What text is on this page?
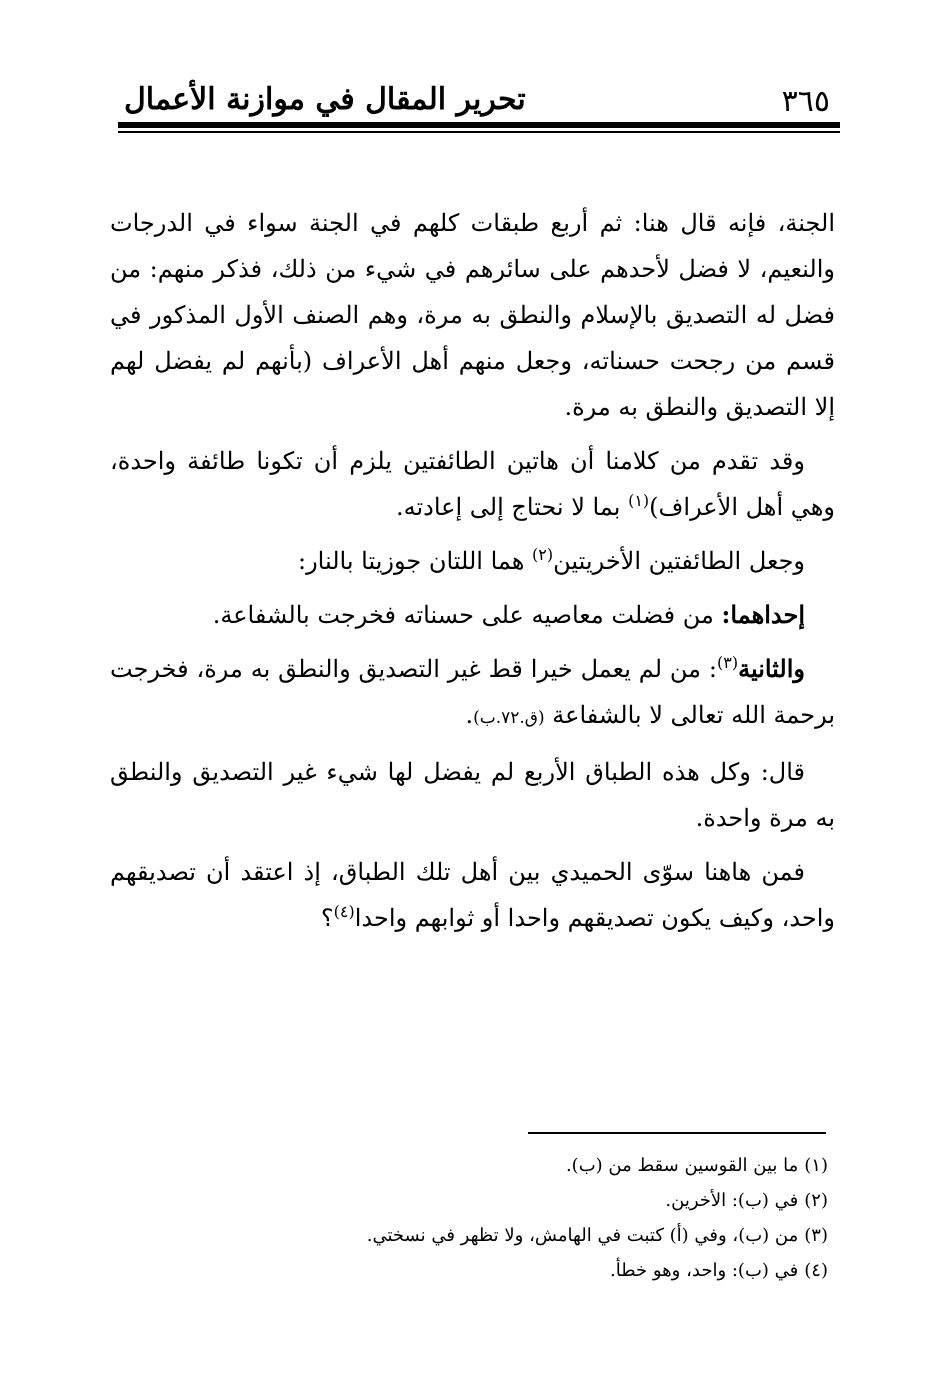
٣٦٥
تحرير المقال في موازنة الأعمال

الجنة، فإنه قال هنا: ثم أربع طبقات كلهم في الجنة سواء في الدرجات والنعيم، لا فضل لأحدهم على سائرهم في شيء من ذلك، فذكر منهم: من فضل له التصديق بالإسلام والنطق به مرة، وهم الصنف الأول المذكور في قسم من رجحت حسناته، وجعل منهم أهل الأعراف (بأنهم لم يفضل لهم إلا التصديق والنطق به مرة.

وقد تقدم من كلامنا أن هاتين الطائفتين يلزم أن تكونا طائفة واحدة، وهي أهل الأعراف)$^{(١)}$ بما لا نحتاج إلى إعادته.

وجعل الطائفتين الأخريتين$^{(٢)}$ هما اللتان جوزيتا بالنار:

إحداهما: من فضلت معاصيه على حسناته فخرجت بالشفاعة.

والثانية$^{(٣)}$: من لم يعمل خيرا قط غير التصديق والنطق به مرة، فخرجت برحمة الله تعالى لا بالشفاعة (ق.٧٢.ب).

قال: وكل هذه الطباق الأربع لم يفضل لها شيء غير التصديق والنطق به مرة واحدة.

فمن هاهنا سوّى الحميدي بين أهل تلك الطباق، إذ اعتقد أن تصديقهم واحد، وكيف يكون تصديقهم واحدا أو ثوابهم واحدا$^{(٤)}$؟

(١)ما بين القوسين سقط من (ب).

(٢)في (ب): الأخرين.

(٣)من (ب)، وفي (أ) كتبت في الهامش، ولا تظهر في نسختي.

(٤)في (ب): واحد، وهو خطأ.
